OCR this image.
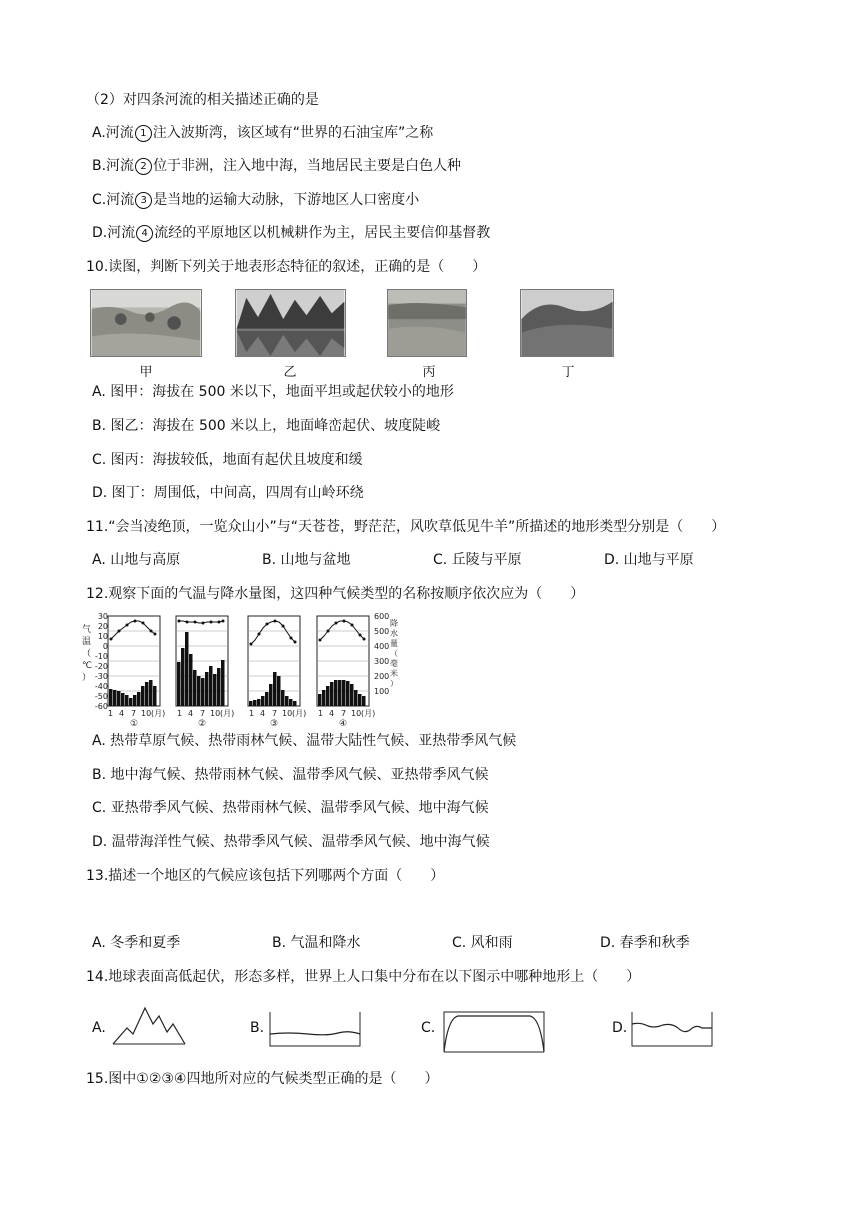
（2）对四条河流的相关描述正确的是
A.河流 1 注入波斯湾，该区域有“世界的石油宝库”之称
B.河流 2 位于非洲，注入地中海，当地居民主要是白色人种
C.河流 3 是当地的运输大动脉，下游地区人口密度小
D.河流 4 流经的平原地区以机械耕作为主，居民主要信仰基督教
10.读图，判断下列关于地表形态特征的叙述，正确的是（　　）
甲	乙	丙	丁
A. 图甲：海拔在 500 米以下，地面平坦或起伏较小的地形
B. 图乙：海拔在 500 米以上，地面峰峦起伏、坡度陡峻
C. 图丙：海拔较低，地面有起伏且坡度和缓
D. 图丁：周围低，中间高，四周有山岭环绕
11.“会当凌绝顶，一览众山小”与“天苍苍，野茫茫，风吹草低见牛羊”所描述的地形类型分别是（　　）
A. 山地与高原	B. 山地与盆地	C. 丘陵与平原	D. 山地与平原
12.观察下面的气温与降水量图，这四种气候类型的名称按顺序依次应为（　　）
气
温
（
℃
）
30
20
10
0
-10
-20
-30
-40
-50
-60
600
500
400
300
200
100
降
水
量
（
毫
米
）
1 4 7 10 (月) 1 4 7 10 (月) 1 4 7 10 (月) 1 4 7 10 (月)
①	②	③	④
A. 热带草原气候、热带雨林气候、温带大陆性气候、亚热带季风气候
B. 地中海气候、热带雨林气候、温带季风气候、亚热带季风气候
C. 亚热带季风气候、热带雨林气候、温带季风气候、地中海气候
D. 温带海洋性气候、热带季风气候、温带季风气候、地中海气候
13.描述一个地区的气候应该包括下列哪两个方面（　　）
A. 冬季和夏季	B. 气温和降水	C. 风和雨	D. 春季和秋季
14.地球表面高低起伏，形态多样，世界上人口集中分布在以下图示中哪种地形上（　　）
A.	B.	C.	D.
15.图中①②③④四地所对应的气候类型正确的是（　　）
